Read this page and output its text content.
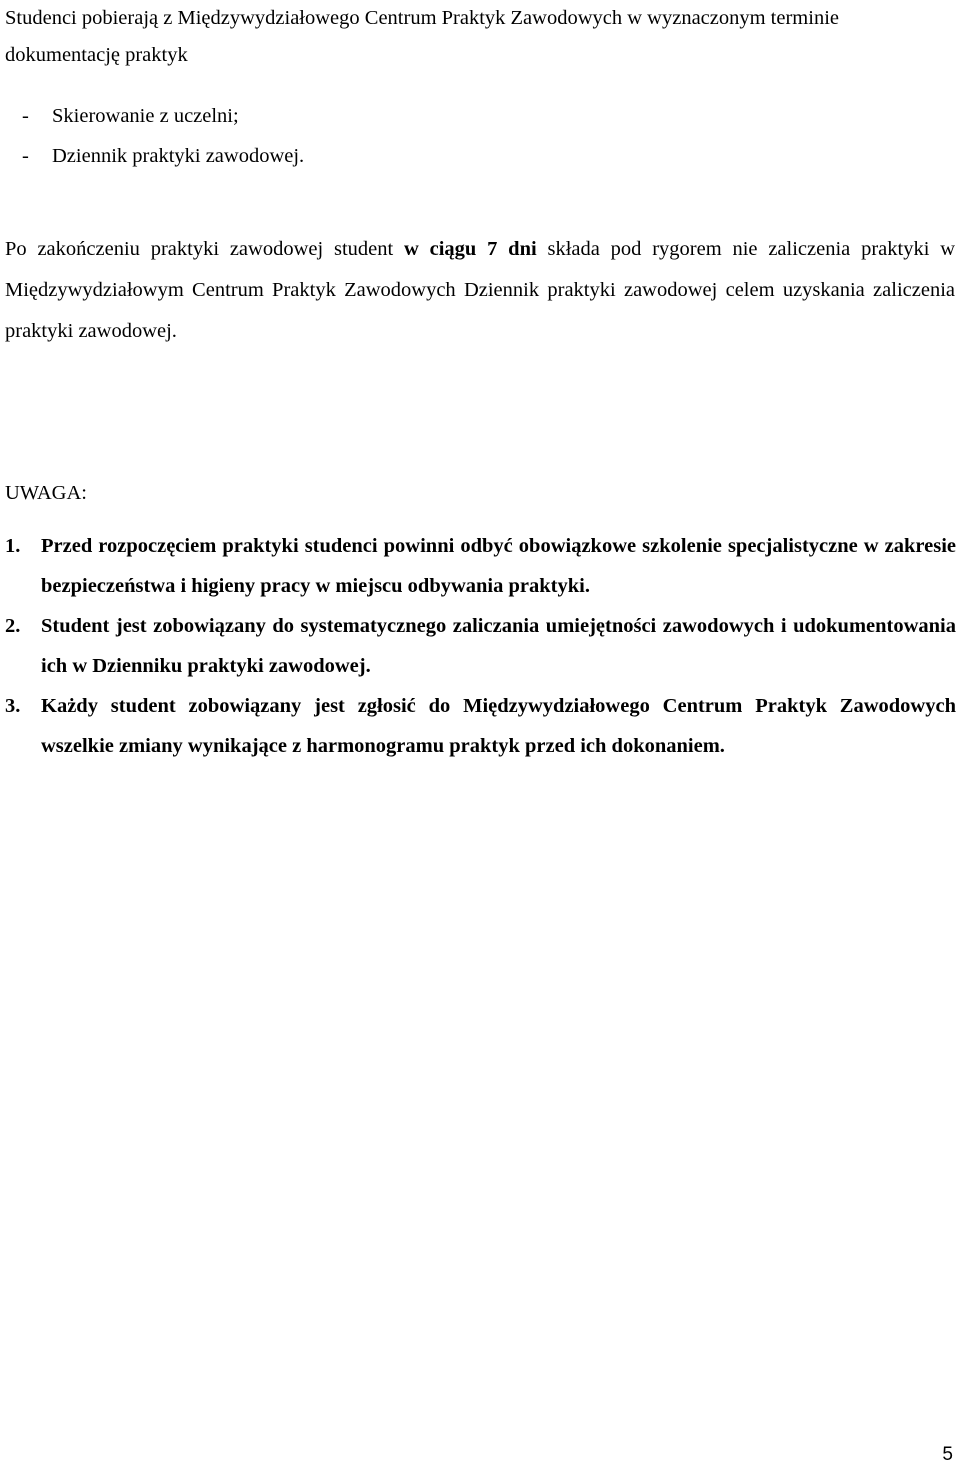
Studenci pobierają z Międzywydziałowego Centrum Praktyk Zawodowych w wyznaczonym terminie dokumentację praktyk

-	Skierowanie z uczelni;
-	Dziennik praktyki zawodowej.

Po zakończeniu praktyki zawodowej student w ciągu 7 dni składa pod rygorem nie zaliczenia praktyki w Międzywydziałowym Centrum Praktyk Zawodowych Dziennik praktyki zawodowej celem uzyskania zaliczenia praktyki zawodowej.

UWAGA:

1.	Przed rozpoczęciem praktyki studenci powinni odbyć obowiązkowe szkolenie specjalistyczne w zakresie bezpieczeństwa i higieny pracy w miejscu odbywania praktyki.
2.	Student jest zobowiązany do systematycznego zaliczania umiejętności zawodowych i udokumentowania ich w Dzienniku praktyki zawodowej.
3.	Każdy student zobowiązany jest zgłosić do Międzywydziałowego Centrum Praktyk Zawodowych wszelkie zmiany wynikające z harmonogramu praktyk przed ich dokonaniem.
5
